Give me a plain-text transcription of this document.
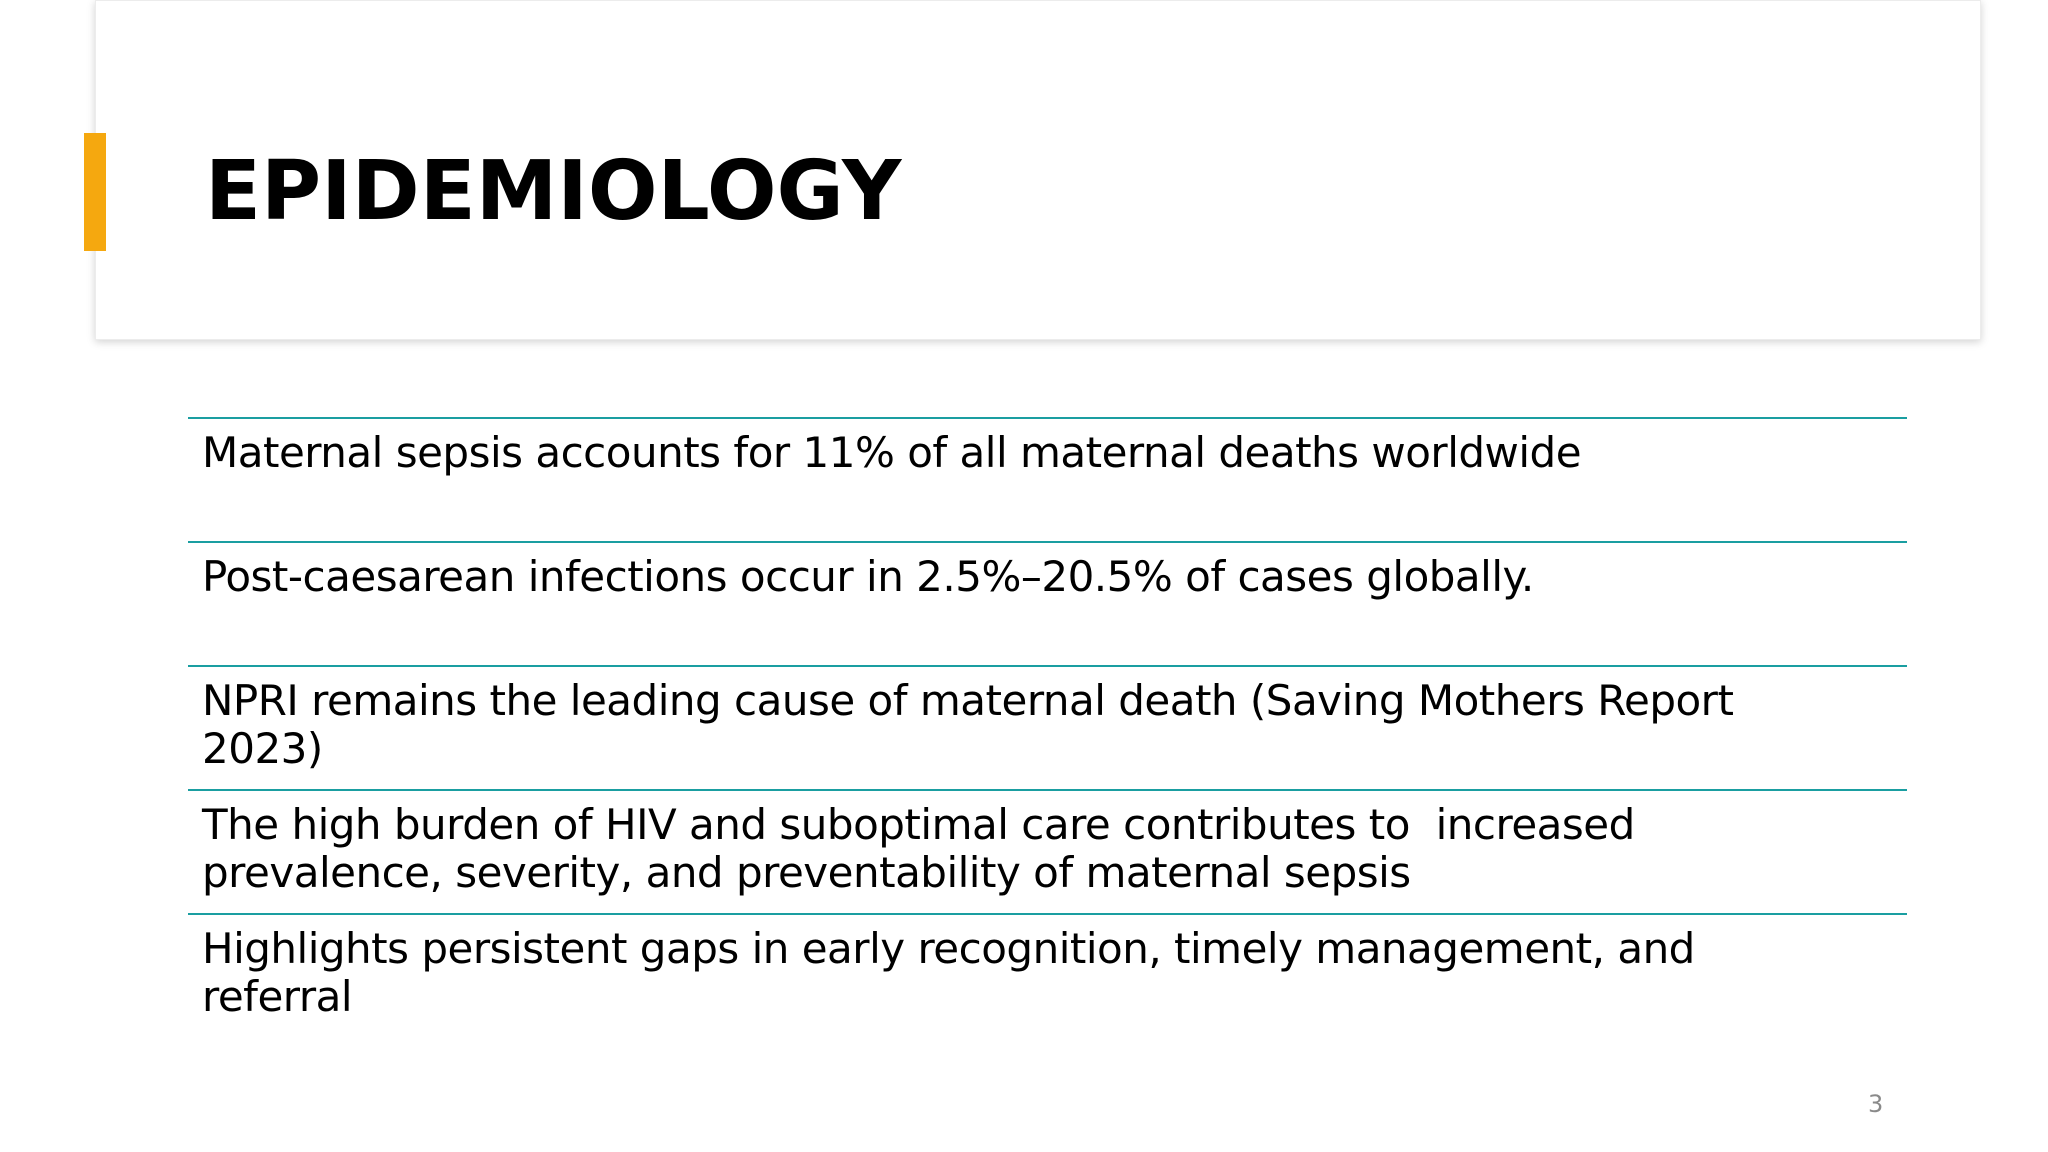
EPIDEMIOLOGY
Maternal sepsis accounts for 11% of all maternal deaths worldwide
Post-caesarean infections occur in 2.5%–20.5% of cases globally.
NPRI remains the leading cause of maternal death (Saving Mothers Report
2023)
The high burden of HIV and suboptimal care contributes to  increased
prevalence, severity, and preventability of maternal sepsis
Highlights persistent gaps in early recognition, timely management, and
referral
3
